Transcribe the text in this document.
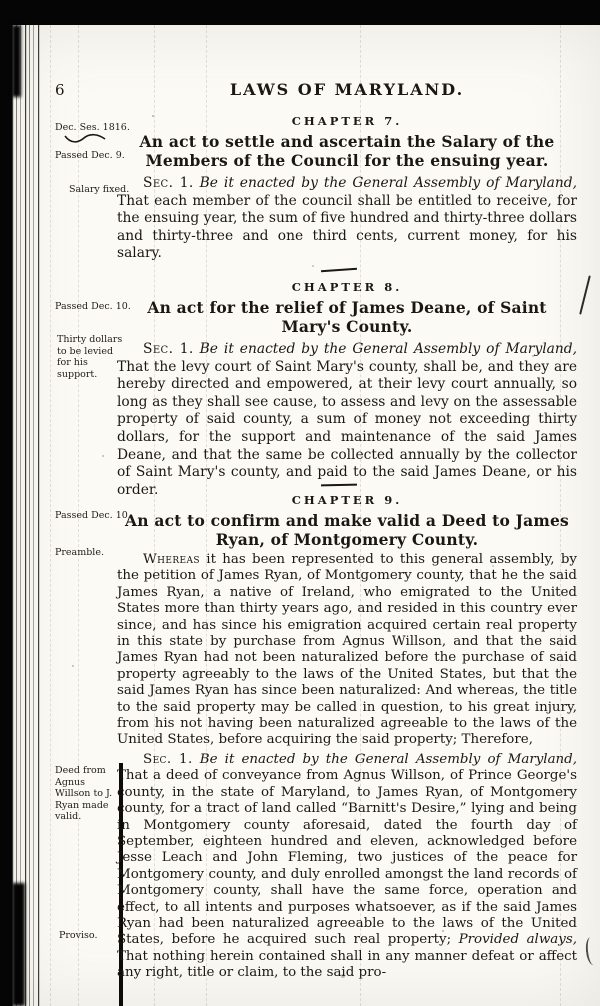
6	LAWS OF MARYLAND.
Dec. Ses. 1816.
Passed Dec. 9.
Salary fixed.
CHAPTER 7.
An act to settle and ascertain the Salary of the Members of the Council for the ensuing year.

Sec. 1. Be it enacted by the General Assembly of Maryland, That each member of the council shall be entitled to receive, for the ensuing year, the sum of five hundred and thirty-three dollars and thirty-three and one third cents, current money, for his salary.

Passed Dec. 10.
Thirty dollars to be levied for his support.
CHAPTER 8.
An act for the relief of James Deane, of Saint Mary's County.

Sec. 1. Be it enacted by the General Assembly of Maryland, That the levy court of Saint Mary's county, shall be, and they are hereby directed and empowered, at their levy court annually, so long as they shall see cause, to assess and levy on the assessable property of said county, a sum of money not exceeding thirty dollars, for the support and maintenance of the said James Deane, and that the same be collected annually by the collector of Saint Mary's county, and paid to the said James Deane, or his order.

Passed Dec. 10.
Preamble.
Deed from Agnus Willson to J. Ryan made valid.
Proviso.
CHAPTER 9.
An act to confirm and make valid a Deed to James Ryan, of Montgomery County.

Whereas it has been represented to this general assembly, by the petition of James Ryan, of Montgomery county, that he the said James Ryan, a native of Ireland, who emigrated to the United States more than thirty years ago, and resided in this country ever since, and has since his emigration acquired certain real property in this state by purchase from Agnus Willson, and that the said James Ryan had not been naturalized before the purchase of said property agreeably to the laws of the United States, but that the said James Ryan has since been naturalized: And whereas, the title to the said property may be called in question, to his great injury, from his not having been naturalized agreeable to the laws of the United States, before acquiring the said property; Therefore,

Sec. 1. Be it enacted by the General Assembly of Maryland, That a deed of conveyance from Agnus Willson, of Prince George's county, in the state of Maryland, to James Ryan, of Montgomery county, for a tract of land called “Barnitt's Desire,” lying and being in Montgomery county aforesaid, dated the fourth day of September, eighteen hundred and eleven, acknowledged before Jesse Leach and John Fleming, two justices of the peace for Montgomery county, and duly enrolled amongst the land records of Montgomery county, shall have the same force, operation and effect, to all intents and purposes whatsoever, as if the said James Ryan had been naturalized agreeable to the laws of the United States, before he acquired such real property; Provided always, That nothing herein contained shall in any manner defeat or affect any right, title or claim, to the said pro-
